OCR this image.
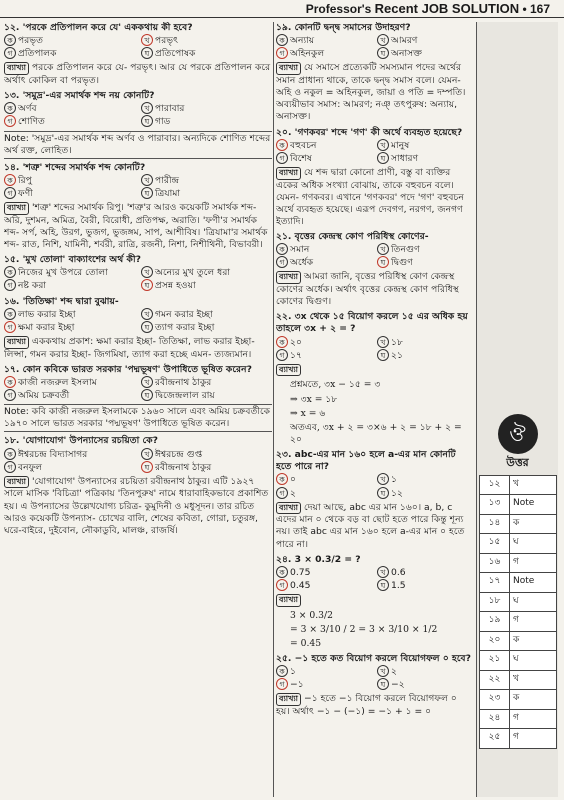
Professor's Recent JOB SOLUTION • 167
১২. 'পরকে প্রতিপালন করে যে' এককথায় কী হবে?
ক পরভৃত	খ পরভৃৎ
গ প্রতিপালক	ঘ প্রতিপোষক
ব্যাখ্যা পরকে প্রতিপালন করে যে- পরভৃৎ। আর যে পরকে প্রতিপালন করে অর্থাৎ কোকিল বা পরভৃত।
১৩. 'সমুদ্র'-এর সমার্থক শব্দ নয় কোনটি?
ক অর্ণব	খ পারাবার
গ শোণিত	ঘ গাড
Note: 'সমুদ্র'-এর সমার্থক শব্দ অর্ণব ও পারাবার। অন্যদিকে শোণিত শব্দের অর্থ রক্ত, লোহিত।
১৪. 'শত্রু' শব্দের সমার্থক শব্দ কোনটি?
ক রিপু	খ পারীন্দ্র
গ ফণী	ঘ ত্রিযামা
ব্যাখ্যা 'শত্রু' শব্দের সমার্থক রিপু। 'শত্রু'র আরও কয়েকটি সমার্থক শব্দ- অরি, দুশমন, অমিত্র, বৈরী, বিরোধী, প্রতিপক্ষ, অরাতি। 'ফণী'র সমার্থক শব্দ- সর্প, অহি, উরগ, ভুজগ, ভুজঙ্গম, সাপ, আশীবিষ। 'ত্রিযামা'র সমার্থক শব্দ- রাত, নিশি, যামিনী, শর্বরী, রাত্রি, রজনী, নিশা, নিশীথিনী, বিভাবরী।
১৫. 'মুখ তোলা' বাক্যাংশের অর্থ কী?
ক নিজের মুখ উপরে তোলা	খ অন্যের মুখ তুলে ধরা
গ নষ্ট করা	ঘ প্রসন্ন হওয়া
১৬. 'তিতিক্ষা' শব্দ দ্বারা বুঝায়-
ক লাভ করার ইচ্ছা	খ গমন করার ইচ্ছা
গ ক্ষমা করার ইচ্ছা	ঘ ত্যাগ করার ইচ্ছা
ব্যাখ্যা এককথায় প্রকাশ: ক্ষমা করার ইচ্ছা- তিতিক্ষা, লাভ করার ইচ্ছা- লিপ্সা, গমন করার ইচ্ছা- জিগমিষা, ত্যাগ করা হচ্ছে এমন- ত্যজ্যমান।
১৭. কোন কবিকে ভারত সরকার 'পদ্মভূষণ' উপাধিতে ভূষিত করেন?
ক কাজী নজরুল ইসলাম	খ রবীন্দ্রনাথ ঠাকুর
গ অমিয় চক্রবর্তী	ঘ দ্বিজেন্দ্রলাল রায়
Note: কবি কাজী নজরুল ইসলামকে ১৯৬০ সালে এবং অমিয় চক্রবর্তীকে ১৯৭০ সালে ভারত সরকার 'পদ্মভূষণ' উপাধিতে ভূষিত করেন।
১৮. 'যোগাযোগ' উপন্যাসের রচয়িতা কে?
ক ঈশ্বরচন্দ্র বিদ্যাসাগর	খ ঈশ্বরচন্দ্র গুপ্ত
গ বনফুল	ঘ রবীন্দ্রনাথ ঠাকুর
ব্যাখ্যা 'যোগাযোগ' উপন্যাসের রচয়িতা রবীন্দ্রনাথ ঠাকুর। এটি ১৯২৭ সালে মাসিক 'বিচিত্রা' পত্রিকায় 'তিনপুরুষ' নামে ধারাবাহিকভাবে প্রকাশিত হয়। এ উপন্যাসের উল্লেখযোগ্য চরিত্র- কুমুদিনী ও মধুসূদন। তার রচিত আরও কয়েকটি উপন্যাস- চোখের বালি, শেষের কবিতা, গোরা, চতুরঙ্গ, ঘরে-বাইরে, দুইবোন, নৌকাডুবি, মালঞ্চ, রাজর্ষি।
১৯. কোনটি দ্বন্দ্ব সমাসের উদাহরণ?
ক অন্যায়	খ আমরণ
গ অহিনকুল	ঘ অনাসক্ত
ব্যাখ্যা যে সমাসে প্রত্যেকটি সমস্যমান পদের অর্থের সমান প্রাধান্য থাকে, তাকে দ্বন্দ্ব সমাস বলে। যেমন- অহি ও নকুল = অহিনকুল, জায়া ও পতি = দম্পতি। অব্যয়ীভাব সমাস: আমরণ; নঞ্ তৎপুরুষ: অন্যায়, অনাসক্ত।
২০. 'গণকবর' শব্দে 'গণ' কী অর্থে ব্যবহৃত হয়েছে?
ক বহুবচন	খ মানুষ
গ বিশেষ	ঘ সাধারণ
ব্যাখ্যা যে শব্দ দ্বারা কোনো প্রাণী, বস্তু বা ব্যক্তির একের অধিক সংখ্যা বোঝায়, তাকে বহুবচন বলে। যেমন- গণকবর। এখানে 'গণকবর' পদে 'গণ' বহুবচন অর্থে ব্যবহৃত হয়েছে। এরূপ দেবগণ, নরগণ, জনগণ ইত্যাদি।
২১. বৃত্তের কেন্দ্রস্থ কোণ পরিধিস্থ কোণের-
ক সমান	খ তিনগুণ
গ অর্ধেক	ঘ দ্বিগুণ
ব্যাখ্যা আমরা জানি, বৃত্তের পরিধিস্থ কোণ কেন্দ্রস্থ কোণের অর্ধেক। অর্থাৎ বৃত্তের কেন্দ্রস্থ কোণ পরিধিস্থ কোণের দ্বিগুণ।
২২. ৩x থেকে ১৫ বিয়োগ করলে ১৫ এর অধিক হয় তাহলে ৩x + ২ = ?
ক ২০	খ ১৮
গ ১৭	ঘ ২১
ব্যাখ্যা
প্রশ্নমতে, ৩x − ১৫ = ৩
⇒ ৩x = ১৮
⇒ x = ৬
অতএব, ৩x + ২ = ৩×৬ + ২ = ১৮ + ২ = ২০
২৩. abc-এর মান ১৬০ হলে a-এর মান কোনটি হতে পারে না?
ক ০	খ ১
গ ২	ঘ ১২
ব্যাখ্যা দেয়া আছে, abc এর মান ১৬০। a, b, c এদের মান ০ থেকে বড় বা ছোট হতে পারে কিন্তু শূন্য নয়। তাই abc এর মান ১৬০ হলে a-এর মান ০ হতে পারে না।
২৪. 3 × 0.3/2 = ?
ক 0.75	খ 0.6
গ 0.45	ঘ 1.5
ব্যাখ্যা
3 × 0.3/2
= 3 × 3/10 / 2 = 3 × 3/10 × 1/2
= 0.45
২৫. −১ হতে কত বিয়োগ করলে বিয়োগফল ০ হবে?
ক ১	খ ২
গ −১	ঘ −২
ব্যাখ্যা −১ হতে −১ বিয়োগ করলে বিয়োগফল ০ হয়। অর্থাৎ −১ − (−১) = −১ + ১ = ০
ঔ
উত্তর
১২	খ
১৩	Note
১৪	ক
১৫	ঘ
১৬	গ
১৭	Note
১৮	ঘ
১৯	গ
২০	ক
২১	ঘ
২২	খ
২৩	ক
২৪	গ
২৫	গ
